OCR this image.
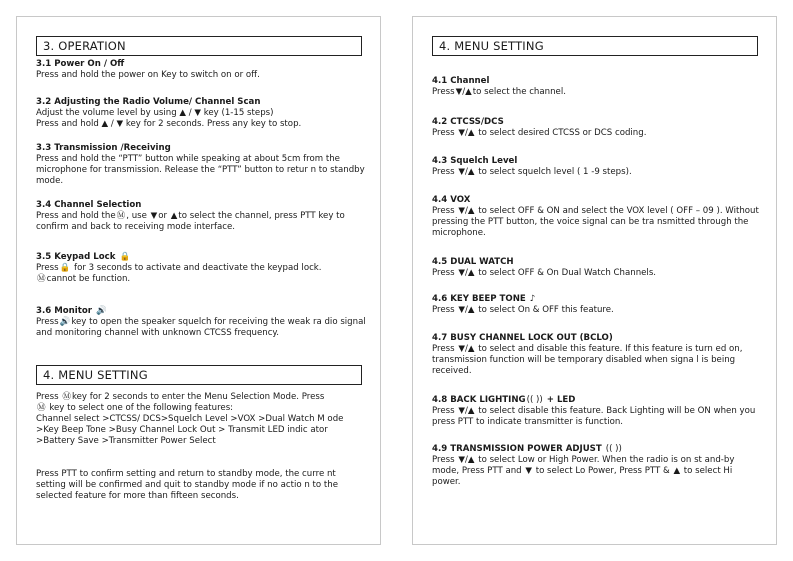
3. OPERATION
3.1 Power On / Off
Press and hold the power on Key to switch on or off.
3.2 Adjusting the Radio Volume/ Channel Scan
Adjust the volume level by using ▲ / ▼ key (1-15 steps)
Press and hold ▲ / ▼ key for 2 seconds. Press any key to stop.
3.3 Transmission /Receiving
Press and hold the “PTT” button while speaking at about 5cm from the microphone for transmission. Release the “PTT” button to retur n to standby mode.
3.4 Channel Selection
Press and hold theⓂ, use ▼or ▲to select the channel, press PTT key to confirm and back to receiving mode interface.
3.5 Keypad Lock 🔒
Press🔒 for 3 seconds to activate and deactivate the keypad lock.
Ⓜcannot be function.
3.6 Monitor 🔊
Press🔊key to open the speaker squelch for receiving the weak ra dio signal and monitoring channel with unknown CTCSS frequency.
4. MENU SETTING
Press Ⓜkey for 2 seconds to enter the Menu Selection Mode. Press
Ⓜ key to select one of the following features:
Channel select >CTCSS/ DCS>Squelch Level >VOX >Dual Watch M ode >Key Beep Tone >Busy Channel Lock Out > Transmit LED indic ator >Battery Save >Transmitter Power Select
Press PTT to confirm setting and return to standby mode, the curre nt setting will be confirmed and quit to standby mode if no actio n to the selected feature for more than fifteen seconds.
4. MENU SETTING
4.1 Channel
Press▼/▲to select the channel.
4.2 CTCSS/DCS
Press ▼/▲ to select desired CTCSS or DCS coding.
4.3 Squelch Level
Press ▼/▲ to select squelch level ( 1 -9 steps).
4.4 VOX
Press ▼/▲ to select OFF & ON and select the VOX level ( OFF – 09 ). Without pressing the PTT button, the voice signal can be tra nsmitted through the microphone.
4.5 DUAL WATCH
Press ▼/▲ to select OFF & On Dual Watch Channels.
4.6 KEY BEEP TONE ♪
Press ▼/▲ to select On & OFF this feature.
4.7 BUSY CHANNEL LOCK OUT (BCLO)
Press ▼/▲ to select and disable this feature. If this feature is turn ed on, transmission function will be temporary disabled when signa l is being received.
4.8 BACK LIGHTING(( )) + LED
Press ▼/▲ to select disable this feature. Back Lighting will be ON when you press PTT to indicate transmitter is function.
4.9 TRANSMISSION POWER ADJUST (( ))
Press ▼/▲ to select Low or High Power. When the radio is on st and-by mode, Press PTT and ▼ to select Lo Power, Press PTT & ▲ to select Hi power.
